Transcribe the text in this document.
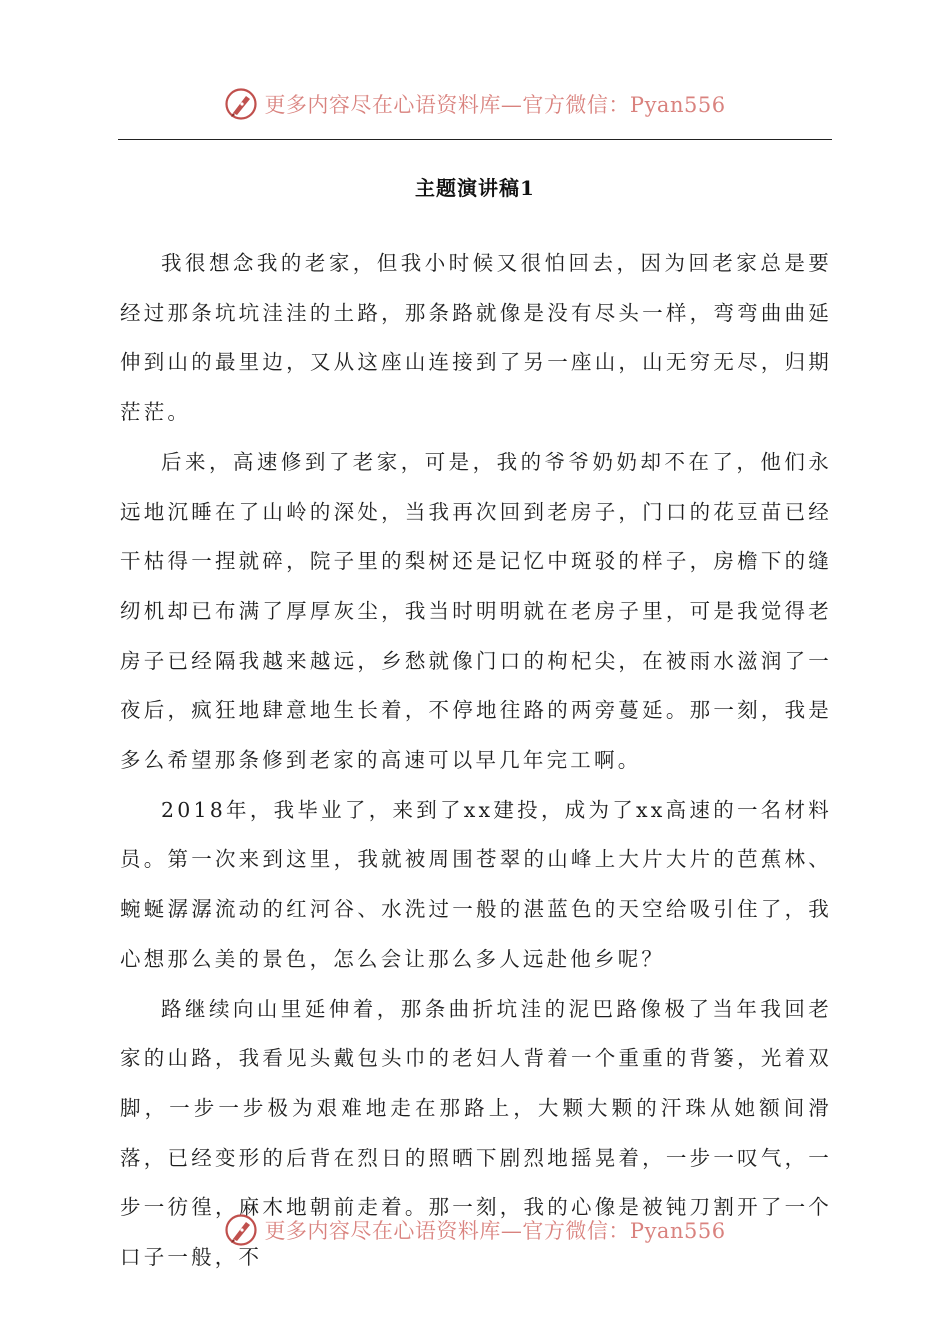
更多内容尽在心语资料库—官方微信：Pyan556
主题演讲稿1

我很想念我的老家，但我小时候又很怕回去，因为回老家总是要经过那条坑坑洼洼的土路，那条路就像是没有尽头一样，弯弯曲曲延伸到山的最里边，又从这座山连接到了另一座山，山无穷无尽，归期茫茫。

后来，高速修到了老家，可是，我的爷爷奶奶却不在了，他们永远地沉睡在了山岭的深处，当我再次回到老房子，门口的花豆苗已经干枯得一捏就碎，院子里的梨树还是记忆中斑驳的样子，房檐下的缝纫机却已布满了厚厚灰尘，我当时明明就在老房子里，可是我觉得老房子已经隔我越来越远，乡愁就像门口的枸杞尖，在被雨水滋润了一夜后，疯狂地肆意地生长着，不停地往路的两旁蔓延。那一刻，我是多么希望那条修到老家的高速可以早几年完工啊。

2018年，我毕业了，来到了xx建投，成为了xx高速的一名材料员。第一次来到这里，我就被周围苍翠的山峰上大片大片的芭蕉林、蜿蜒潺潺流动的红河谷、水洗过一般的湛蓝色的天空给吸引住了，我心想那么美的景色，怎么会让那么多人远赴他乡呢？

路继续向山里延伸着，那条曲折坑洼的泥巴路像极了当年我回老家的山路，我看见头戴包头巾的老妇人背着一个重重的背篓，光着双脚，一步一步极为艰难地走在那路上，大颗大颗的汗珠从她额间滑落，已经变形的后背在烈日的照晒下剧烈地摇晃着，一步一叹气，一步一彷徨，麻木地朝前走着。那一刻，我的心像是被钝刀割开了一个口子一般，不

更多内容尽在心语资料库—官方微信：Pyan556
